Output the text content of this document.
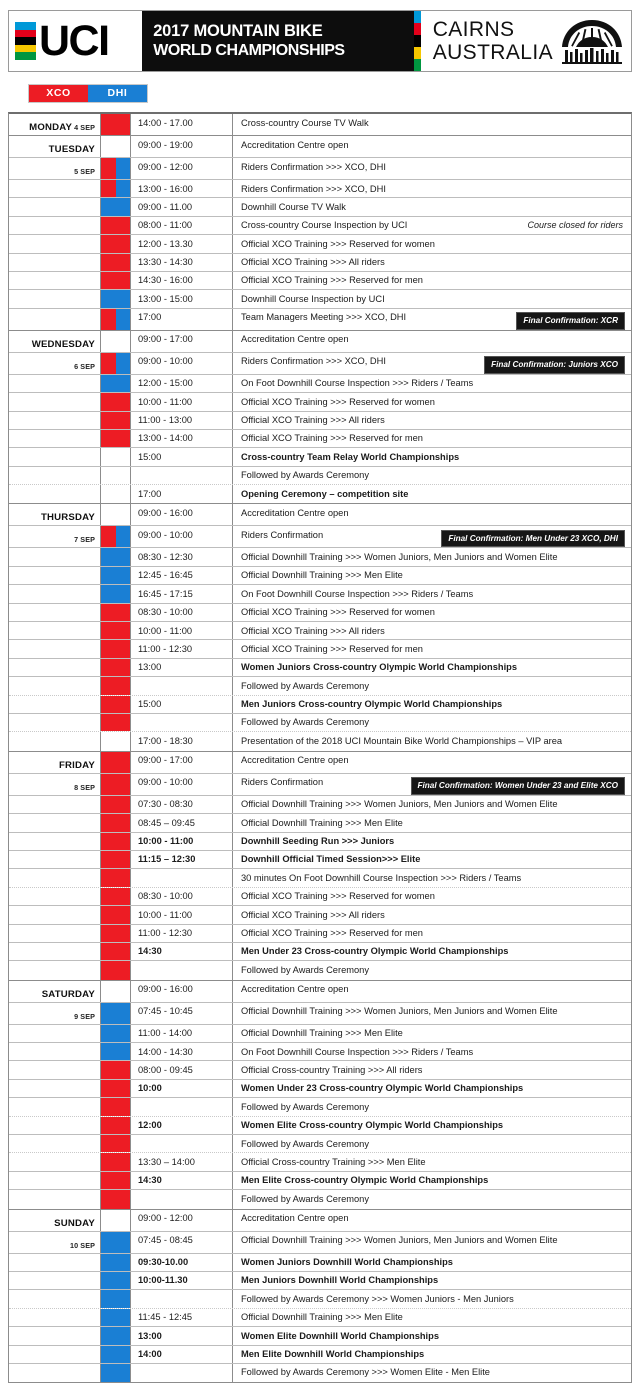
UCI	2017 MOUNTAIN BIKE
WORLD CHAMPIONSHIPS
CAIRNS
AUSTRALIA
XCO	DHI
MONDAY 4 SEP	14:00 - 17.00	Cross-country Course TV Walk
TUESDAY	09:00 - 19:00	Accreditation Centre open
5 SEP	09:00 - 12:00	Riders Confirmation >>> XCO, DHI
13:00 - 16:00	Riders Confirmation >>> XCO, DHI
09:00 - 11.00	Downhill Course TV Walk
08:00 - 11:00	Cross-country Course Inspection by UCI	Course closed for riders
12:00 - 13.30	Official XCO Training >>> Reserved for women
13:30 - 14:30	Official XCO Training >>> All riders
14:30 - 16:00	Official XCO Training >>> Reserved for men
13:00 - 15:00	Downhill Course Inspection by UCI
17:00	Team Managers Meeting >>> XCO, DHI	Final Confirmation: XCR
WEDNESDAY	09:00 - 17:00	Accreditation Centre open
6 SEP	09:00 - 10:00	Riders Confirmation >>> XCO, DHI	Final Confirmation: Juniors XCO
12:00 - 15:00	On Foot Downhill Course Inspection >>> Riders / Teams
10:00 - 11:00	Official XCO Training >>> Reserved for women
11:00 - 13:00	Official XCO Training >>> All riders
13:00 - 14:00	Official XCO Training >>> Reserved for men
15:00	Cross-country Team Relay World Championships
Followed by Awards Ceremony
17:00	Opening Ceremony – competition site
THURSDAY	09:00 - 16:00	Accreditation Centre open
7 SEP	09:00 - 10:00	Riders Confirmation	Final Confirmation: Men Under 23 XCO, DHI
08:30 - 12:30	Official Downhill Training >>> Women Juniors, Men Juniors and Women Elite
12:45 - 16:45	Official Downhill Training >>> Men Elite
16:45 - 17:15	On Foot Downhill Course Inspection >>> Riders / Teams
08:30 - 10:00	Official XCO Training >>> Reserved for women
10:00 - 11:00	Official XCO Training >>> All riders
11:00 - 12:30	Official XCO Training >>> Reserved for men
13:00	Women Juniors Cross-country Olympic World Championships
Followed by Awards Ceremony
15:00	Men Juniors Cross-country Olympic World Championships
Followed by Awards Ceremony
17:00 - 18:30	Presentation of the 2018 UCI Mountain Bike World Championships – VIP area
FRIDAY	09:00 - 17:00	Accreditation Centre open
8 SEP	09:00 - 10:00	Riders Confirmation	Final Confirmation: Women Under 23 and Elite XCO
07:30 - 08:30	Official Downhill Training >>> Women Juniors, Men Juniors and Women Elite
08:45 – 09:45	Official Downhill Training >>> Men Elite
10:00 - 11:00	Downhill Seeding Run >>> Juniors
11:15 – 12:30	Downhill Official Timed Session>>> Elite
30 minutes On Foot Downhill Course Inspection >>> Riders / Teams
08:30 - 10:00	Official XCO Training >>> Reserved for women
10:00 - 11:00	Official XCO Training >>> All riders
11:00 - 12:30	Official XCO Training >>> Reserved for men
14:30	Men Under 23 Cross-country Olympic World Championships
Followed by Awards Ceremony
SATURDAY	09:00 - 16:00	Accreditation Centre open
9 SEP	07:45 - 10:45	Official Downhill Training >>> Women Juniors, Men Juniors and Women Elite
11:00 - 14:00	Official Downhill Training >>> Men Elite
14:00 - 14:30	On Foot Downhill Course Inspection >>> Riders / Teams
08:00 - 09:45	Official Cross-country Training >>> All riders
10:00	Women Under 23 Cross-country Olympic World Championships
Followed by Awards Ceremony
12:00	Women Elite Cross-country Olympic World Championships
Followed by Awards Ceremony
13:30 – 14:00	Official Cross-country Training >>> Men Elite
14:30	Men Elite Cross-country Olympic World Championships
Followed by Awards Ceremony
SUNDAY	09:00 - 12:00	Accreditation Centre open
10 SEP	07:45 - 08:45	Official Downhill Training >>> Women Juniors, Men Juniors and Women Elite
09:30-10.00	Women Juniors Downhill World Championships
10:00-11.30	Men Juniors Downhill World Championships
Followed by Awards Ceremony >>> Women Juniors - Men Juniors
11:45 - 12:45	Official Downhill Training >>> Men Elite
13:00	Women Elite Downhill World Championships
14:00	Men Elite Downhill World Championships
Followed by Awards Ceremony >>> Women Elite - Men Elite
